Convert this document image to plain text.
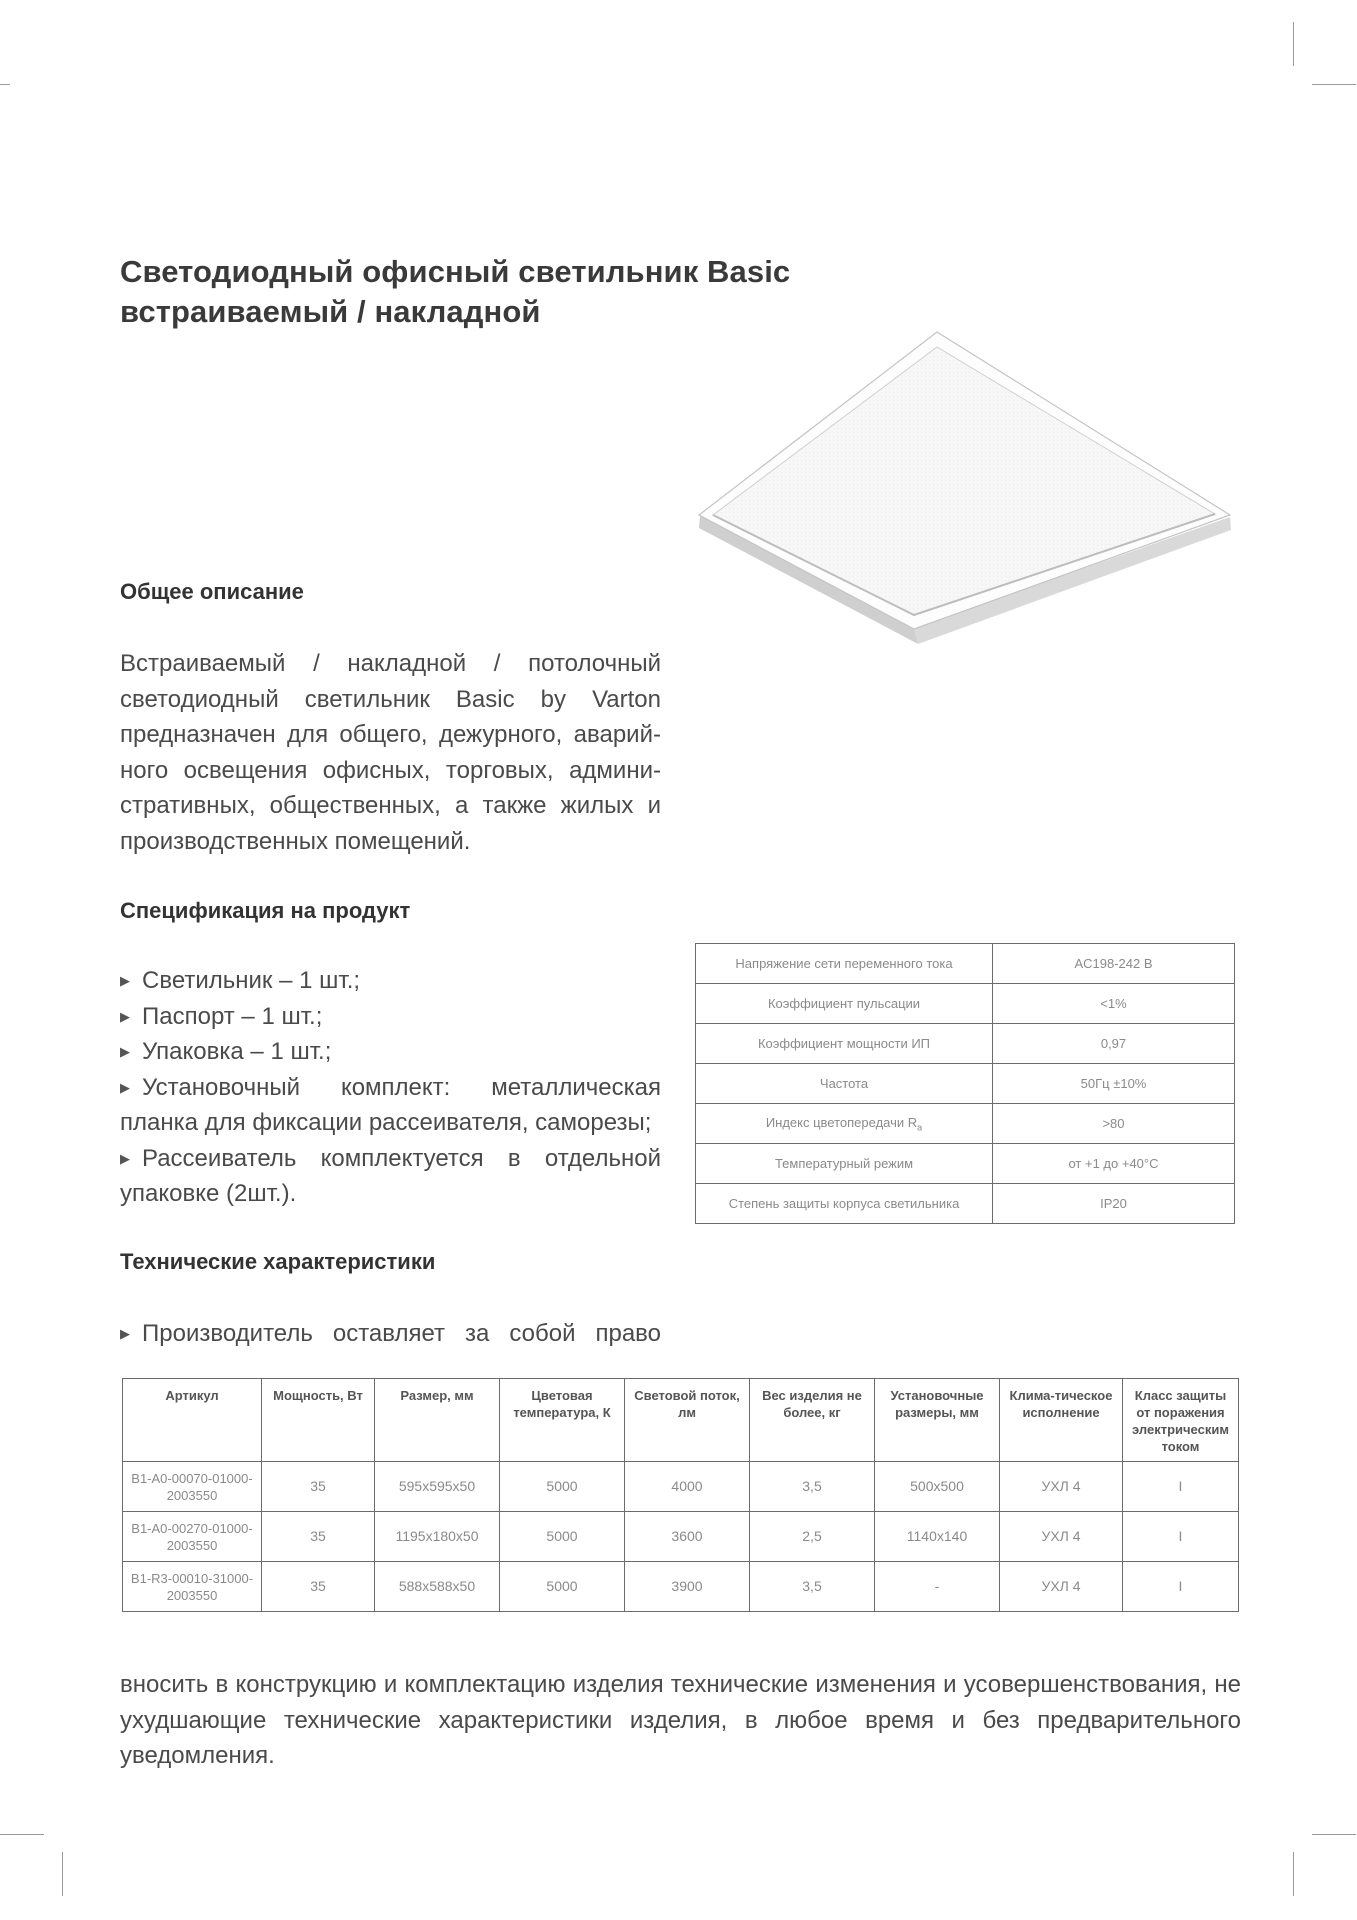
Светодиодный офисный светильник Basic
встраиваемый / накладной
Общее описание

Встраиваемый / накладной / потолочный светодиодный светильник Basic by Varton предназначен для общего, дежурного, аварийного освещения офисных, торговых, административных, общественных, а также жилых и производственных помещений.

Спецификация на продукт
▶ Светильник – 1 шт.;
▶ Паспорт – 1 шт.;
▶ Упаковка – 1 шт.;
▶ Установочный комплект: металлическая планка для фиксации рассеивателя, саморезы;
▶ Рассеиватель комплектуется в отдельной упаковке (2шт.).
Напряжение сети переменного тока	AC198-242 В
Коэффициент пульсации	<1%
Коэффициент мощности ИП	0,97
Частота	50Гц ±10%
Индекс цветопередачи $R_a$	>80
Температурный режим	от +1 до +40°С
Степень защиты корпуса светильника	IP20
Технические характеристики

▶ Производитель оставляет за собой право

Артикул	Мощность, Вт	Размер, мм	Цветовая температура, К	Световой поток, лм	Вес изделия не более, кг	Установочные размеры, мм	Клима-тическое исполнение	Класс защиты от поражения электрическим током
B1-A0-00070-01000-2003550	35	595x595x50	5000	4000	3,5	500x500	УХЛ 4	I
B1-A0-00270-01000-2003550	35	1195x180x50	5000	3600	2,5	1140x140	УХЛ 4	I
B1-R3-00010-31000-2003550	35	588x588x50	5000	3900	3,5	-	УХЛ 4	I

вносить в конструкцию и комплектацию изделия технические изменения и усовершенствования, не ухудшающие технические характеристики изделия, в любое время и без предварительного уведомления.
